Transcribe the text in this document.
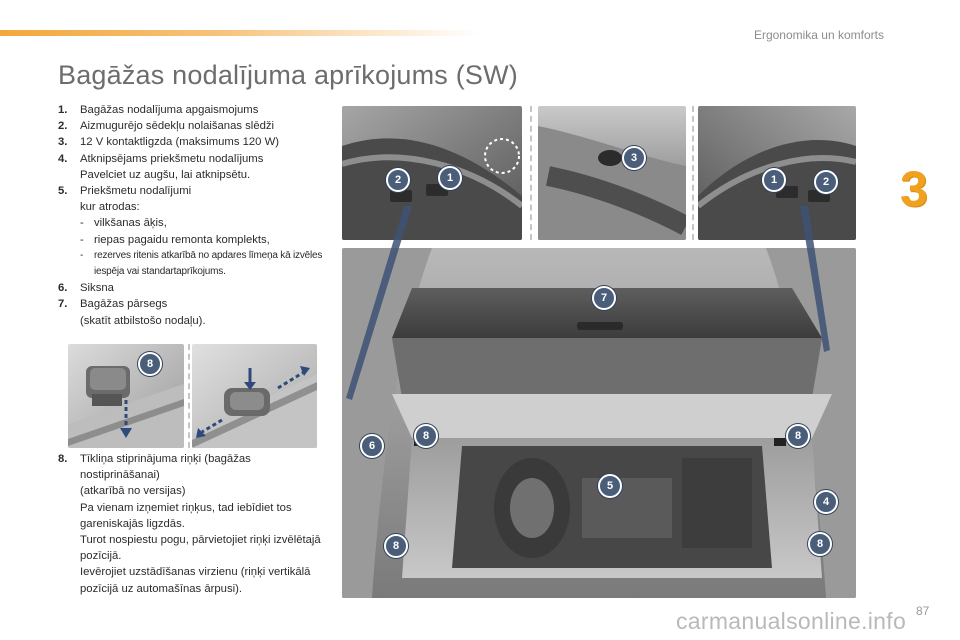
Ergonomika un komforts
3
Bagāžas nodalījuma aprīkojums (SW)
1.	Bagāžas nodalījuma apgaismojums
2.	Aizmugurējo sēdekļu nolaišanas slēdži
3.	12 V kontaktligzda (maksimums 120 W)
4.	Atknipsējams priekšmetu nodalījums
Pavelciet uz augšu, lai atknipsētu.
5.	Priekšmetu nodalījumi
kur atrodas:
- vilkšanas āķis,
- riepas pagaidu remonta komplekts,
-	rezerves ritenis atkarībā no apdares līmeņa kā izvēles iespēja vai standartaprīkojums.
6.	Siksna
7.	Bagāžas pārsegs
(skatīt atbilstošo nodaļu).
8
8.	Tīkliņa stiprinājuma riņķi (bagāžas nostiprināšanai)
(atkarībā no versijas)
Pa vienam izņemiet riņķus, tad iebīdiet tos gareniskajās ligzdās.
Turot nospiestu pogu, pārvietojiet riņķi izvēlētajā pozīcijā.
Ievērojiet uzstādīšanas virzienu (riņķi vertikālā pozīcijā uz automašīnas ārpusi).
2	1
3
1	2
7
8	8
6
5
4
8	8
87
carmanualsonline.info
